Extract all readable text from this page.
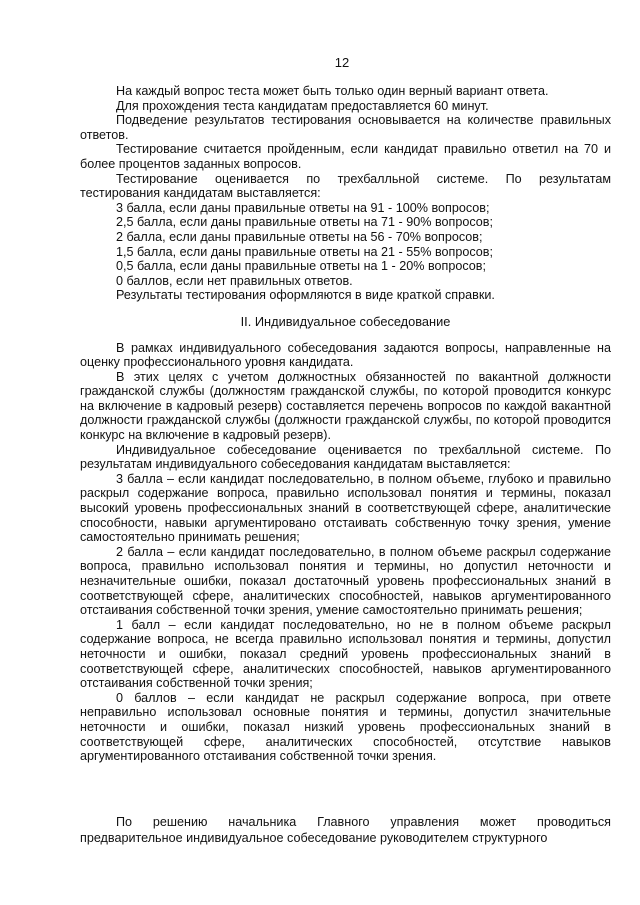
12

На каждый вопрос теста может быть только один верный вариант ответа.

Для прохождения теста кандидатам предоставляется 60 минут.

Подведение результатов тестирования основывается на количестве правильных ответов.

Тестирование считается пройденным, если кандидат правильно ответил на 70 и более процентов заданных вопросов.

Тестирование оценивается по трехбалльной системе. По результатам тестирования кандидатам выставляется:

3 балла, если даны правильные ответы на 91 - 100% вопросов;

2,5 балла, если даны правильные ответы на 71 - 90% вопросов;

2 балла, если даны правильные ответы на 56 - 70% вопросов;

1,5 балла, если даны правильные ответы на 21 - 55% вопросов;

0,5 балла, если даны правильные ответы на 1 - 20% вопросов;

0 баллов, если нет правильных ответов.

Результаты тестирования оформляются в виде краткой справки.

II. Индивидуальное собеседование

В рамках индивидуального собеседования задаются вопросы, направленные на оценку профессионального уровня кандидата.

В этих целях с учетом должностных обязанностей по вакантной должности гражданской службы (должностям гражданской службы, по которой проводится конкурс на включение в кадровый резерв) составляется перечень вопросов по каждой вакантной должности гражданской службы (должности гражданской службы, по которой проводится конкурс на включение в кадровый резерв).

Индивидуальное собеседование оценивается по трехбалльной системе. По результатам индивидуального собеседования кандидатам выставляется:

3 балла – если кандидат последовательно, в полном объеме, глубоко и правильно раскрыл содержание вопроса, правильно использовал понятия и термины, показал высокий уровень профессиональных знаний в соответствующей сфере, аналитические способности, навыки аргументировано отстаивать собственную точку зрения, умение самостоятельно принимать решения;

2 балла – если кандидат последовательно, в полном объеме раскрыл содержание вопроса, правильно использовал понятия и термины, но допустил неточности и незначительные ошибки, показал достаточный уровень профессиональных знаний в соответствующей сфере, аналитических способностей, навыков аргументированного отстаивания собственной точки зрения, умение самостоятельно принимать решения;

1 балл – если кандидат последовательно, но не в полном объеме раскрыл содержание вопроса, не всегда правильно использовал понятия и термины, допустил неточности и ошибки, показал средний уровень профессиональных знаний в соответствующей сфере, аналитических способностей, навыков аргументированного отстаивания собственной точки зрения;

0 баллов – если кандидат не раскрыл содержание вопроса, при ответе неправильно использовал основные понятия и термины, допустил значительные неточности и ошибки, показал низкий уровень профессиональных знаний в соответствующей сфере, аналитических способностей, отсутствие навыков аргументированного отстаивания собственной точки зрения.

По решению начальника Главного управления может проводиться предварительное индивидуальное собеседование руководителем структурного
